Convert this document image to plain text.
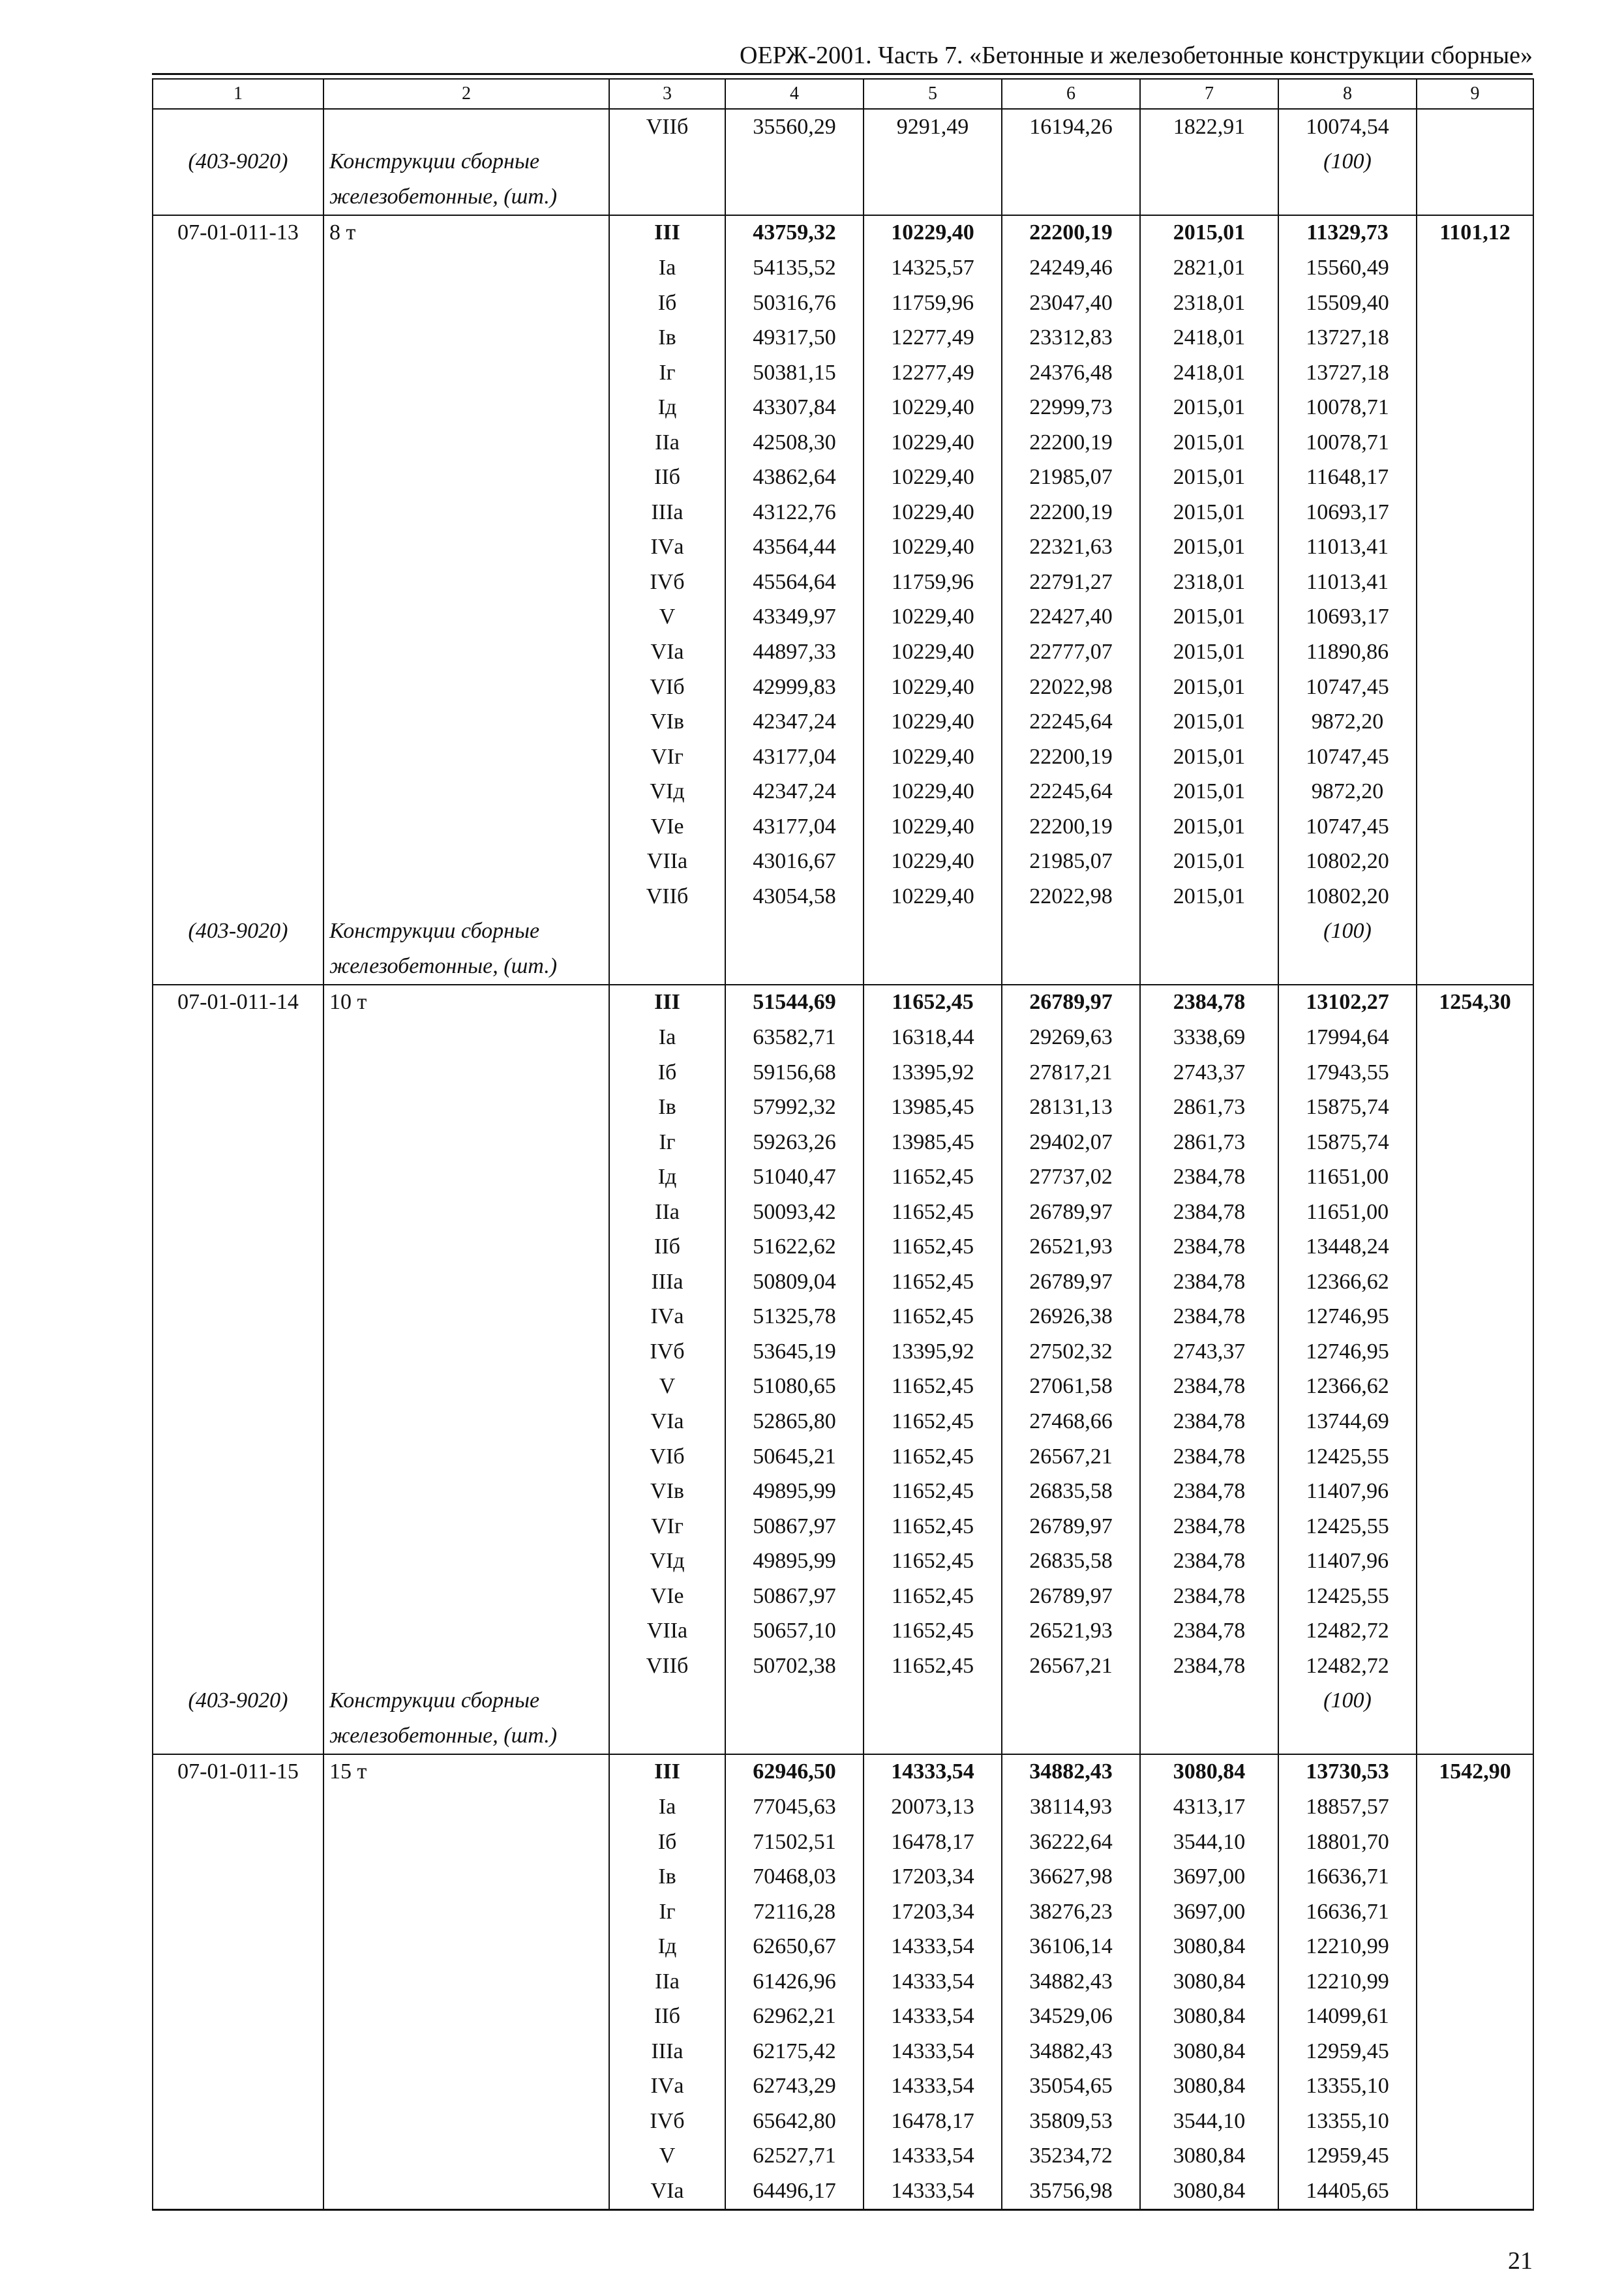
ОЕРЖ-2001. Часть 7. «Бетонные и железобетонные конструкции сборные»
1	2	3	4	5	6	7	8	9
		VIIб	35560,29	9291,49	16194,26	1822,91	10074,54	
(403-9020)	Конструкции сборные						(100)	
	железобетонные, (шт.)							
07-01-011-13	8 т	III	43759,32	10229,40	22200,19	2015,01	11329,73	1101,12
		Iа	54135,52	14325,57	24249,46	2821,01	15560,49	
		Iб	50316,76	11759,96	23047,40	2318,01	15509,40	
		Iв	49317,50	12277,49	23312,83	2418,01	13727,18	
		Iг	50381,15	12277,49	24376,48	2418,01	13727,18	
		Iд	43307,84	10229,40	22999,73	2015,01	10078,71	
		IIа	42508,30	10229,40	22200,19	2015,01	10078,71	
		IIб	43862,64	10229,40	21985,07	2015,01	11648,17	
		IIIа	43122,76	10229,40	22200,19	2015,01	10693,17	
		IVа	43564,44	10229,40	22321,63	2015,01	11013,41	
		IVб	45564,64	11759,96	22791,27	2318,01	11013,41	
		V	43349,97	10229,40	22427,40	2015,01	10693,17	
		VIа	44897,33	10229,40	22777,07	2015,01	11890,86	
		VIб	42999,83	10229,40	22022,98	2015,01	10747,45	
		VIв	42347,24	10229,40	22245,64	2015,01	9872,20	
		VIг	43177,04	10229,40	22200,19	2015,01	10747,45	
		VIд	42347,24	10229,40	22245,64	2015,01	9872,20	
		VIе	43177,04	10229,40	22200,19	2015,01	10747,45	
		VIIа	43016,67	10229,40	21985,07	2015,01	10802,20	
		VIIб	43054,58	10229,40	22022,98	2015,01	10802,20	
(403-9020)	Конструкции сборные						(100)	
	железобетонные, (шт.)							
07-01-011-14	10 т	III	51544,69	11652,45	26789,97	2384,78	13102,27	1254,30
		Iа	63582,71	16318,44	29269,63	3338,69	17994,64	
		Iб	59156,68	13395,92	27817,21	2743,37	17943,55	
		Iв	57992,32	13985,45	28131,13	2861,73	15875,74	
		Iг	59263,26	13985,45	29402,07	2861,73	15875,74	
		Iд	51040,47	11652,45	27737,02	2384,78	11651,00	
		IIа	50093,42	11652,45	26789,97	2384,78	11651,00	
		IIб	51622,62	11652,45	26521,93	2384,78	13448,24	
		IIIа	50809,04	11652,45	26789,97	2384,78	12366,62	
		IVа	51325,78	11652,45	26926,38	2384,78	12746,95	
		IVб	53645,19	13395,92	27502,32	2743,37	12746,95	
		V	51080,65	11652,45	27061,58	2384,78	12366,62	
		VIа	52865,80	11652,45	27468,66	2384,78	13744,69	
		VIб	50645,21	11652,45	26567,21	2384,78	12425,55	
		VIв	49895,99	11652,45	26835,58	2384,78	11407,96	
		VIг	50867,97	11652,45	26789,97	2384,78	12425,55	
		VIд	49895,99	11652,45	26835,58	2384,78	11407,96	
		VIе	50867,97	11652,45	26789,97	2384,78	12425,55	
		VIIа	50657,10	11652,45	26521,93	2384,78	12482,72	
		VIIб	50702,38	11652,45	26567,21	2384,78	12482,72	
(403-9020)	Конструкции сборные						(100)	
	железобетонные, (шт.)							
07-01-011-15	15 т	III	62946,50	14333,54	34882,43	3080,84	13730,53	1542,90
		Iа	77045,63	20073,13	38114,93	4313,17	18857,57	
		Iб	71502,51	16478,17	36222,64	3544,10	18801,70	
		Iв	70468,03	17203,34	36627,98	3697,00	16636,71	
		Iг	72116,28	17203,34	38276,23	3697,00	16636,71	
		Iд	62650,67	14333,54	36106,14	3080,84	12210,99	
		IIа	61426,96	14333,54	34882,43	3080,84	12210,99	
		IIб	62962,21	14333,54	34529,06	3080,84	14099,61	
		IIIа	62175,42	14333,54	34882,43	3080,84	12959,45	
		IVа	62743,29	14333,54	35054,65	3080,84	13355,10	
		IVб	65642,80	16478,17	35809,53	3544,10	13355,10	
		V	62527,71	14333,54	35234,72	3080,84	12959,45	
		VIа	64496,17	14333,54	35756,98	3080,84	14405,65	
21
